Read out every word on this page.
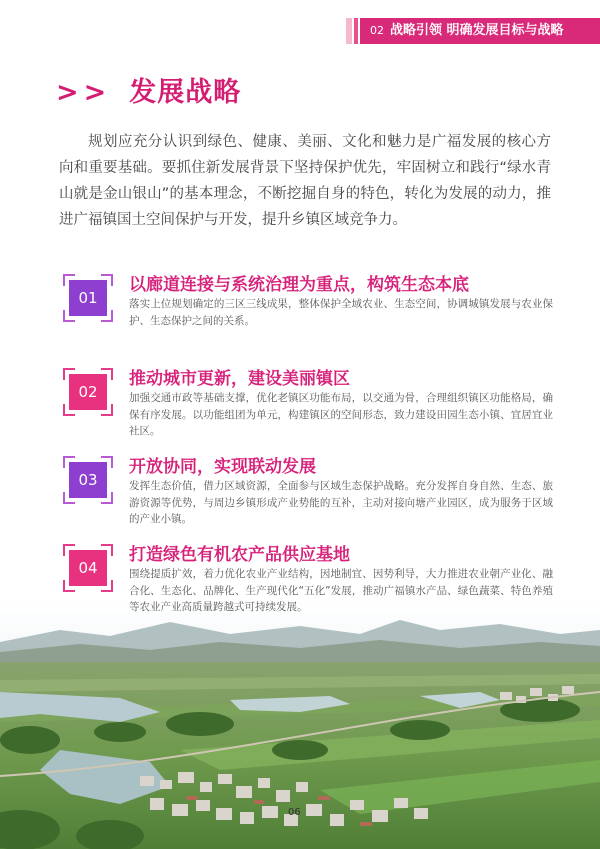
02 战略引领 明确发展目标与战略
>> 发展战略
规划应充分认识到绿色、健康、美丽、文化和魅力是广福发展的核心方向和重要基础。要抓住新发展背景下坚持保护优先，牢固树立和践行“绿水青山就是金山银山”的基本理念，不断挖掘自身的特色，转化为发展的动力，推进广福镇国土空间保护与开发，提升乡镇区域竞争力。
01
以廊道连接与系统治理为重点，构筑生态本底
落实上位规划确定的三区三线成果，整体保护全域农业、生态空间，协调城镇发展与农业保护、生态保护之间的关系。
02
推动城市更新，建设美丽镇区
加强交通市政等基础支撑，优化老镇区功能布局，以交通为骨，合理组织镇区功能格局，确保有序发展。以功能组团为单元，构建镇区的空间形态，致力建设田园生态小镇、宜居宜业社区。
03
开放协同，实现联动发展
发挥生态价值，借力区域资源，全面参与区域生态保护战略。充分发挥自身自然、生态、旅游资源等优势，与周边乡镇形成产业势能的互补，主动对接向塘产业园区，成为服务于区域的产业小镇。
04
打造绿色有机农产品供应基地
围绕提质扩效，着力优化农业产业结构，因地制宜、因势利导，大力推进农业朝产业化、融合化、生态化、品牌化、生产现代化“五化”发展，推动广福镇水产品、绿色蔬菜、特色养殖等农业产业高质量跨越式可持续发展。
06
